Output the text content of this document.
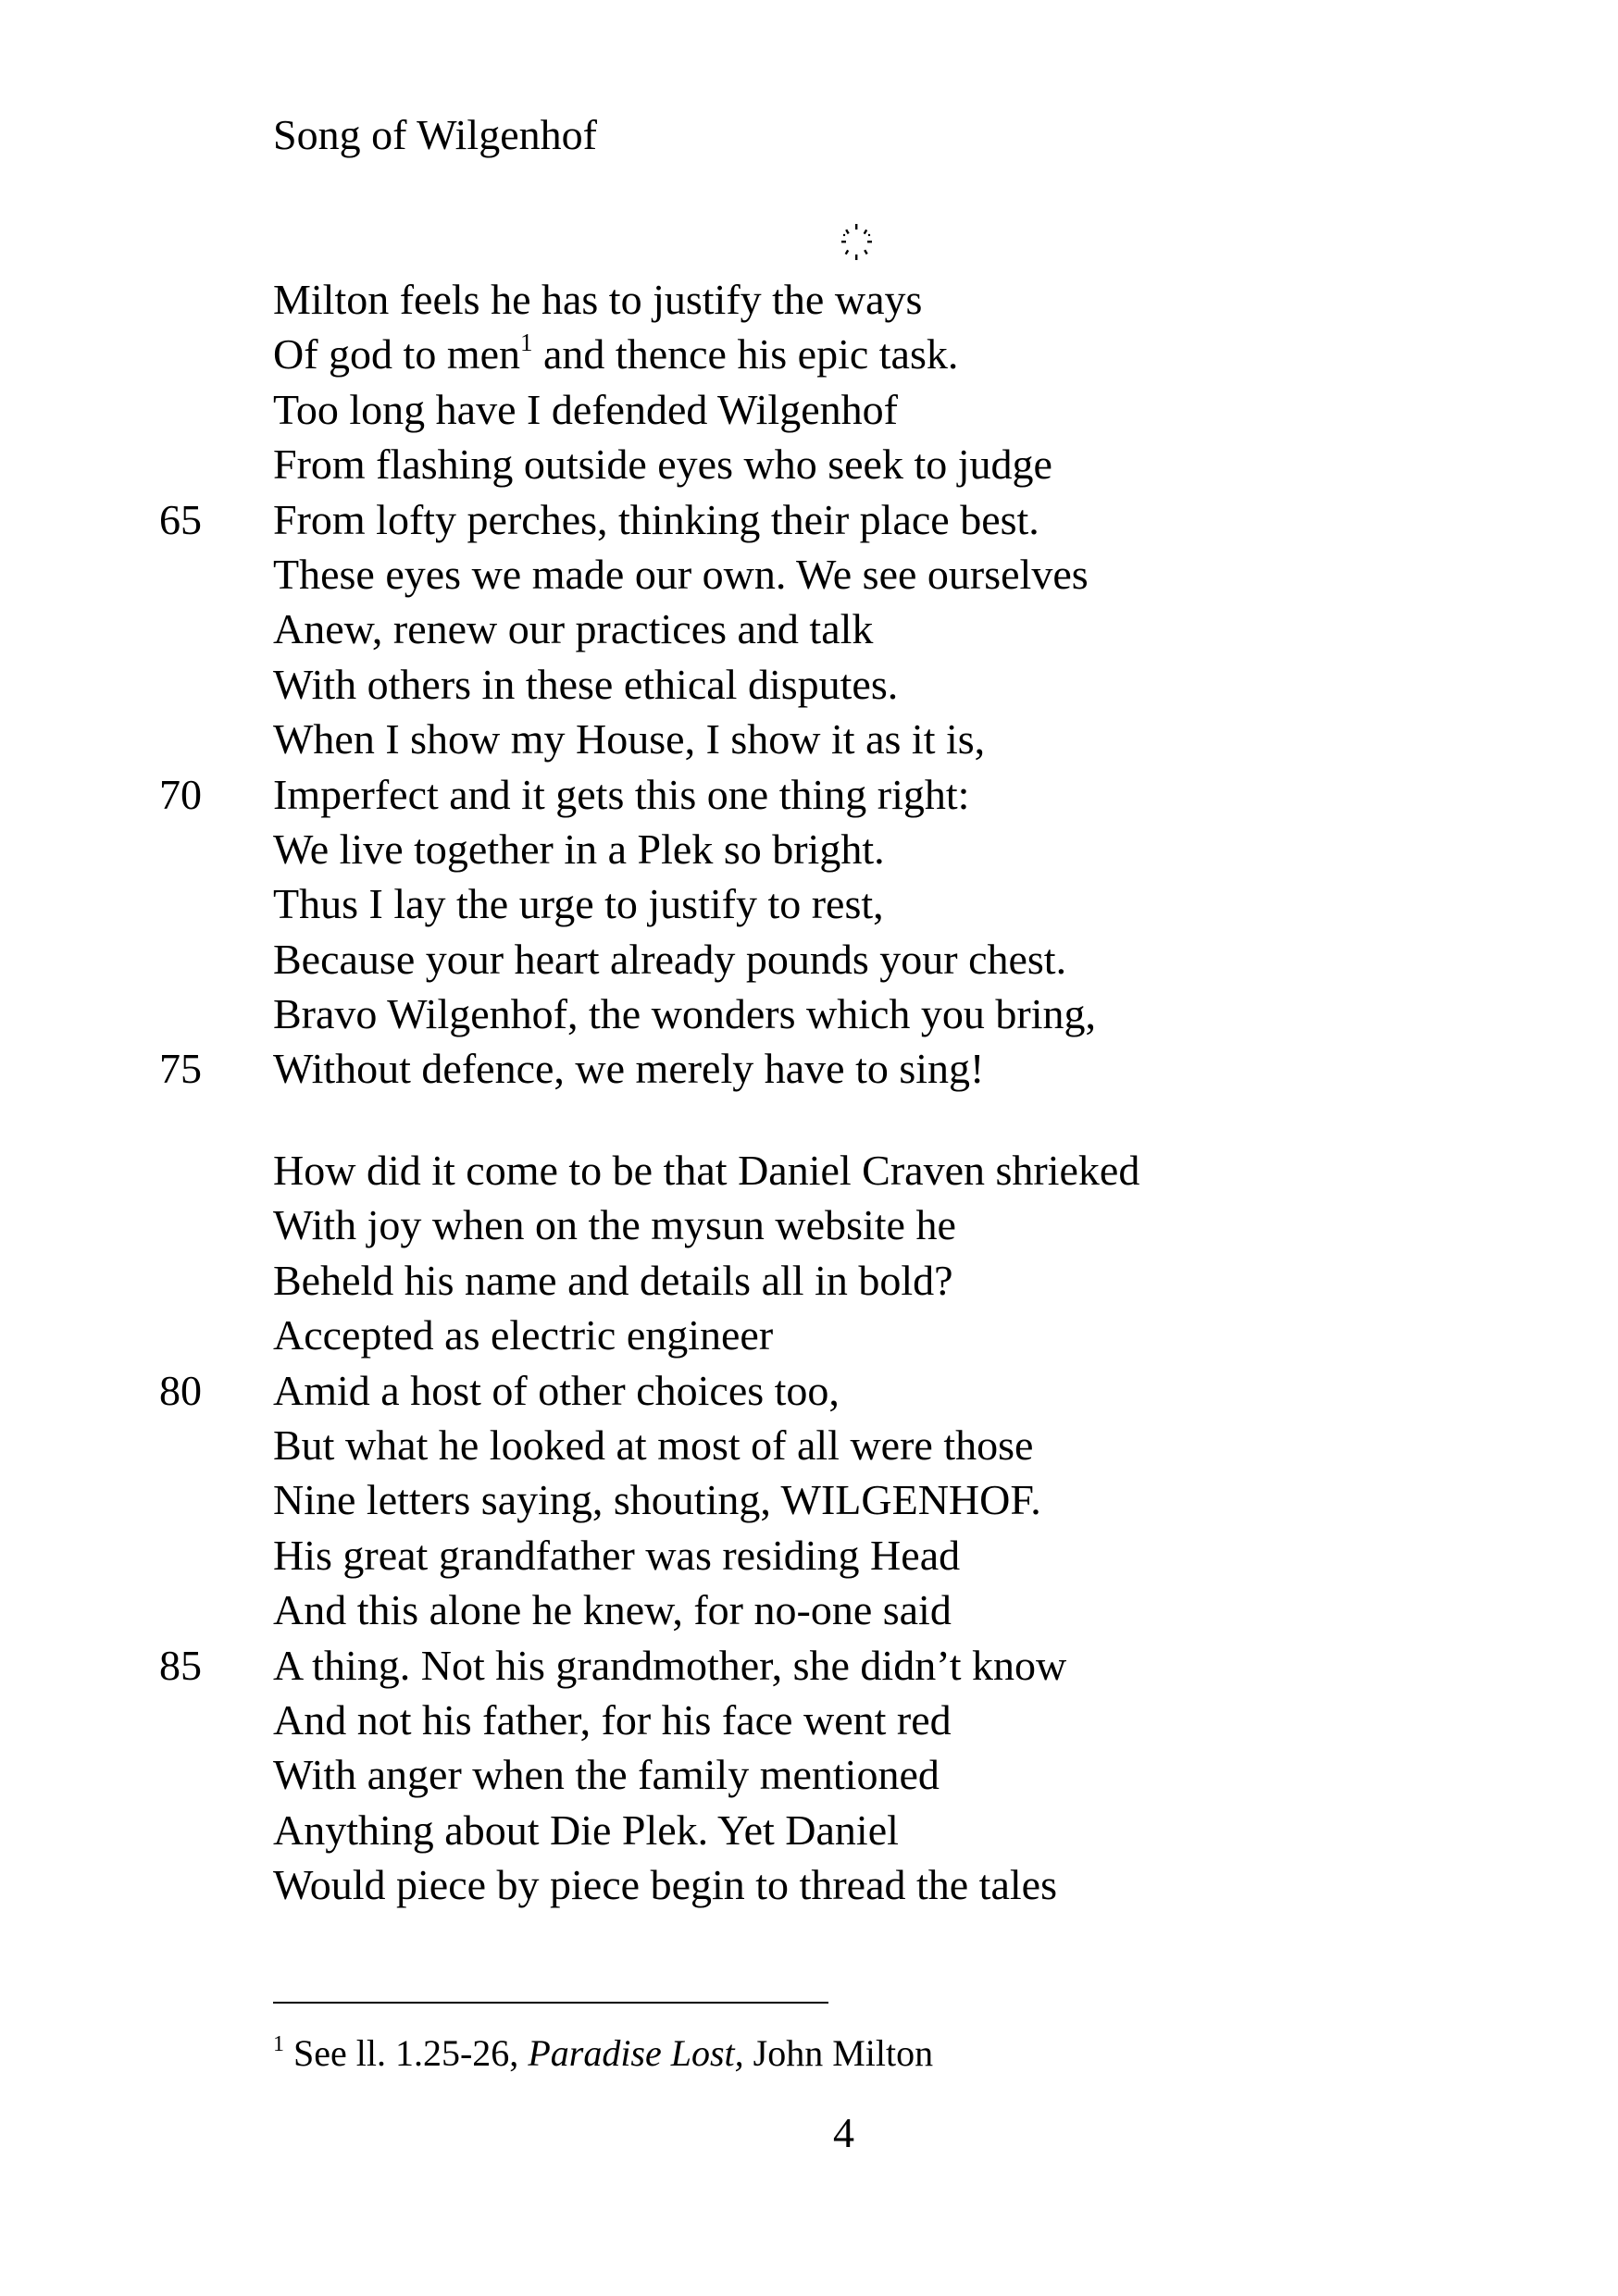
Song of Wilgenhof
Milton feels he has to justify the ways
Of god to men$^1$ and thence his epic task.
Too long have I defended Wilgenhof
From flashing outside eyes who seek to judge
65	From lofty perches, thinking their place best.
These eyes we made our own. We see ourselves
Anew, renew our practices and talk
With others in these ethical disputes.
When I show my House, I show it as it is,
70	Imperfect and it gets this one thing right:
We live together in a Plek so bright.
Thus I lay the urge to justify to rest,
Because your heart already pounds your chest.
Bravo Wilgenhof, the wonders which you bring,
75	Without defence, we merely have to sing!
How did it come to be that Daniel Craven shrieked
With joy when on the mysun website he
Beheld his name and details all in bold?
Accepted as electric engineer
80	Amid a host of other choices too,
But what he looked at most of all were those
Nine letters saying, shouting, WILGENHOF.
His great grandfather was residing Head
And this alone he knew, for no-one said
85	A thing. Not his grandmother, she didn’t know
And not his father, for his face went red
With anger when the family mentioned
Anything about Die Plek. Yet Daniel
Would piece by piece begin to thread the tales
$^1$ See ll. 1.25-26, Paradise Lost, John Milton
4
